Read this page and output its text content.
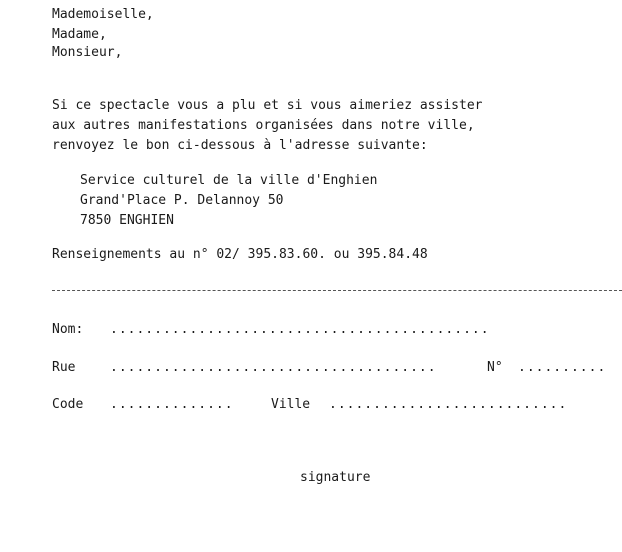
Mademoiselle,
Madame,
Monsieur,
Si ce spectacle vous a plu et si vous aimeriez assister
aux autres manifestations organisées dans notre ville,
renvoyez le bon ci-dessous à l'adresse suivante:
Service culturel de la ville d'Enghien
Grand'Place P. Delannoy 50
7850 ENGHIEN
Renseignements au n° 02/ 395.83.60. ou 395.84.48
Nom: ...........................................
Rue	.....................................	N° ..........
Code ..............	Ville ...........................
signature
